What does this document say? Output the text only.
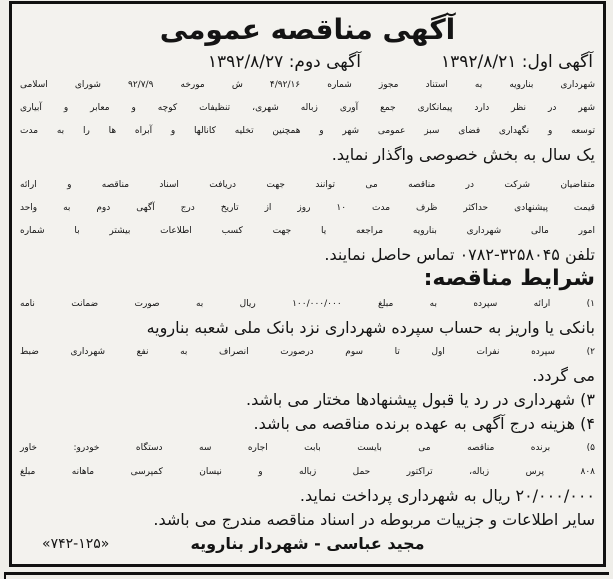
آگهی مناقصه عمومی
آگهی اول: ۱۳۹۲/۸/۲۱
آگهی دوم: ۱۳۹۲/۸/۲۷
شهرداری بنارویه به استناد مجوز شماره ۴/۹۲/۱۶ ش مورخه ۹۲/۷/۹ شورای اسلامی
شهر در نظر دارد پیمانکاری جمع آوری زباله شهری، تنظیفات کوچه و معابر و آبیاری
توسعه و نگهداری فضای سبز عمومی شهر و همچنین تخلیه کانالها و آبراه ها را به مدت
یک سال به بخش خصوصی واگذار نماید.
متقاضیان شرکت در مناقصه می توانند جهت دریافت اسناد مناقصه و ارائه
قیمت پیشنهادی حداکثر ظرف مدت ۱۰ روز از تاریخ درج آگهی دوم به واحد
امور مالی شهرداری بنارویه مراجعه یا جهت کسب اطلاعات بیشتر با شماره
تلفن ۳۲۵۸۰۴۵-۰۷۸۲ تماس حاصل نمایند.
شرایط مناقصه:
۱) ارائه سپرده به مبلغ ۱۰۰/۰۰۰/۰۰۰ ریال به صورت ضمانت نامه
بانکی یا واریز به حساب سپرده شهرداری نزد بانک ملی شعبه بنارویه
۲) سپرده نفرات اول تا سوم درصورت انصراف به نفع شهرداری ضبط
می گردد.
۳) شهرداری در رد یا قبول پیشنهادها مختار می باشد.
۴) هزینه درج آگهی به عهده برنده مناقصه می باشد.
۵) برنده مناقصه می بایست بابت اجاره سه دستگاه خودرو: خاور
۸۰۸ پرس زباله، تراکتور حمل زباله و نیسان کمپرسی ماهانه مبلغ
۲۰/۰۰۰/۰۰۰ ریال به شهرداری پرداخت نماید.
سایر اطلاعات و جزییات مربوطه در اسناد مناقصه مندرج می باشد.
مجید عباسی - شهردار بنارویه
«۷۴۲-۱۲۵»
